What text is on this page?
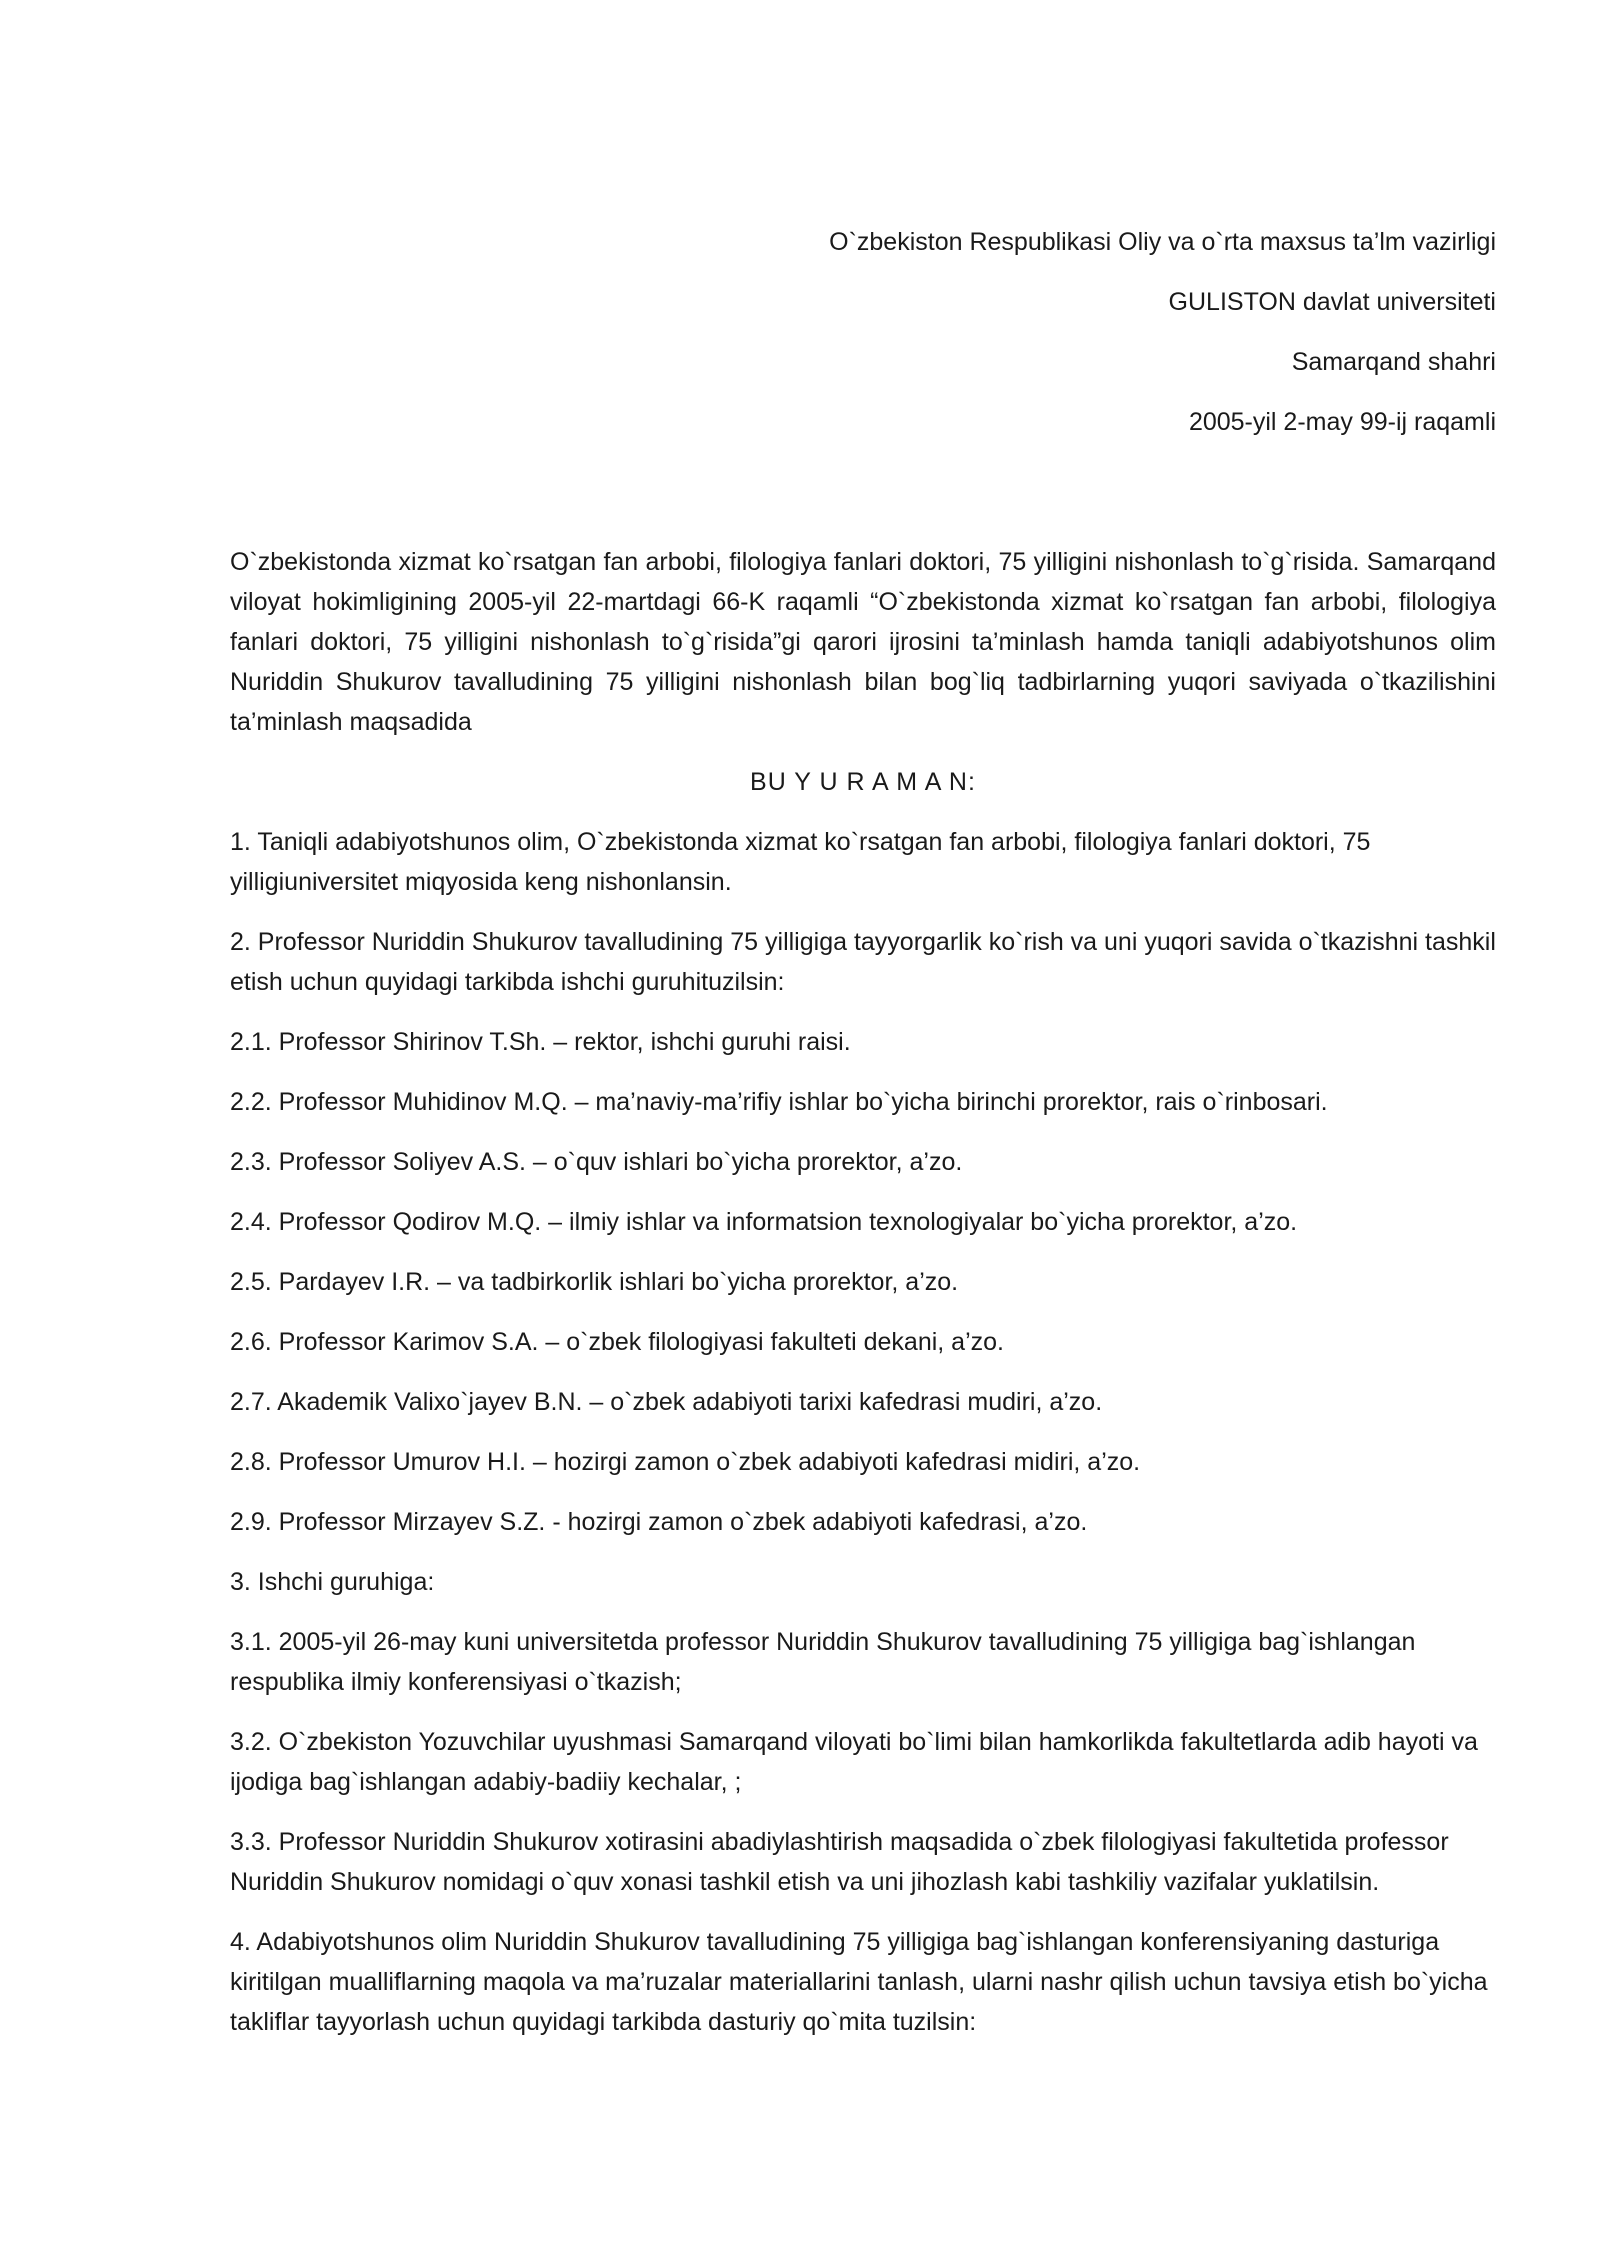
O`zbekiston Respublikasi Oliy va o`rta maxsus ta’lm vazirligi

GULISTON davlat universiteti

Samarqand shahri

2005-yil 2-may 99-ij raqamli

O`zbekistonda xizmat ko`rsatgan fan arbobi, filologiya fanlari doktori, 75 yilligini nishonlash to`g`risida. Samarqand viloyat hokimligining 2005-yil 22-martdagi 66-K raqamli “O`zbekistonda xizmat ko`rsatgan fan arbobi, filologiya fanlari doktori, 75 yilligini nishonlash to`g`risida”gi qarori ijrosini ta’minlash hamda taniqli adabiyotshunos olim Nuriddin Shukurov tavalludining 75 yilligini nishonlash bilan bog`liq tadbirlarning yuqori saviyada o`tkazilishini ta’minlash maqsadida

BU Y U R A M A N:

1. Taniqli adabiyotshunos olim, O`zbekistonda xizmat ko`rsatgan fan arbobi, filologiya fanlari doktori, 75 yilligiuniversitet miqyosida keng nishonlansin.

2. Professor Nuriddin Shukurov tavalludining 75 yilligiga tayyorgarlik ko`rish va uni yuqori savida o`tkazishni tashkil etish uchun quyidagi tarkibda ishchi guruhituzilsin:

2.1. Professor Shirinov T.Sh. – rektor, ishchi guruhi raisi.

2.2. Professor Muhidinov M.Q. – ma’naviy-ma’rifiy ishlar bo`yicha birinchi prorektor, rais o`rinbosari.

2.3. Professor Soliyev A.S. – o`quv ishlari bo`yicha prorektor, a’zo.

2.4. Professor Qodirov M.Q. – ilmiy ishlar va informatsion texnologiyalar bo`yicha prorektor, a’zo.

2.5. Pardayev I.R. – va tadbirkorlik ishlari bo`yicha prorektor, a’zo.

2.6. Professor Karimov S.A. – o`zbek filologiyasi fakulteti dekani, a’zo.

2.7. Akademik Valixo`jayev B.N. – o`zbek adabiyoti tarixi kafedrasi mudiri, a’zo.

2.8. Professor Umurov H.I. – hozirgi zamon o`zbek adabiyoti kafedrasi midiri, a’zo.

2.9. Professor Mirzayev S.Z. - hozirgi zamon o`zbek adabiyoti kafedrasi, a’zo.

3. Ishchi guruhiga:

3.1. 2005-yil 26-may kuni universitetda professor Nuriddin Shukurov tavalludining 75 yilligiga bag`ishlangan respublika ilmiy konferensiyasi o`tkazish;

3.2. O`zbekiston Yozuvchilar uyushmasi Samarqand viloyati bo`limi bilan hamkorlikda fakultetlarda adib hayoti va ijodiga bag`ishlangan adabiy-badiiy kechalar, ;

3.3. Professor Nuriddin Shukurov xotirasini abadiylashtirish maqsadida o`zbek filologiyasi fakultetida professor Nuriddin Shukurov nomidagi o`quv xonasi tashkil etish va uni jihozlash kabi tashkiliy vazifalar yuklatilsin.

4. Adabiyotshunos olim Nuriddin Shukurov tavalludining 75 yilligiga bag`ishlangan konferensiyaning dasturiga kiritilgan mualliflarning maqola va ma’ruzalar materiallarini tanlash, ularni nashr qilish uchun tavsiya etish bo`yicha takliflar tayyorlash uchun quyidagi tarkibda dasturiy qo`mita tuzilsin:
